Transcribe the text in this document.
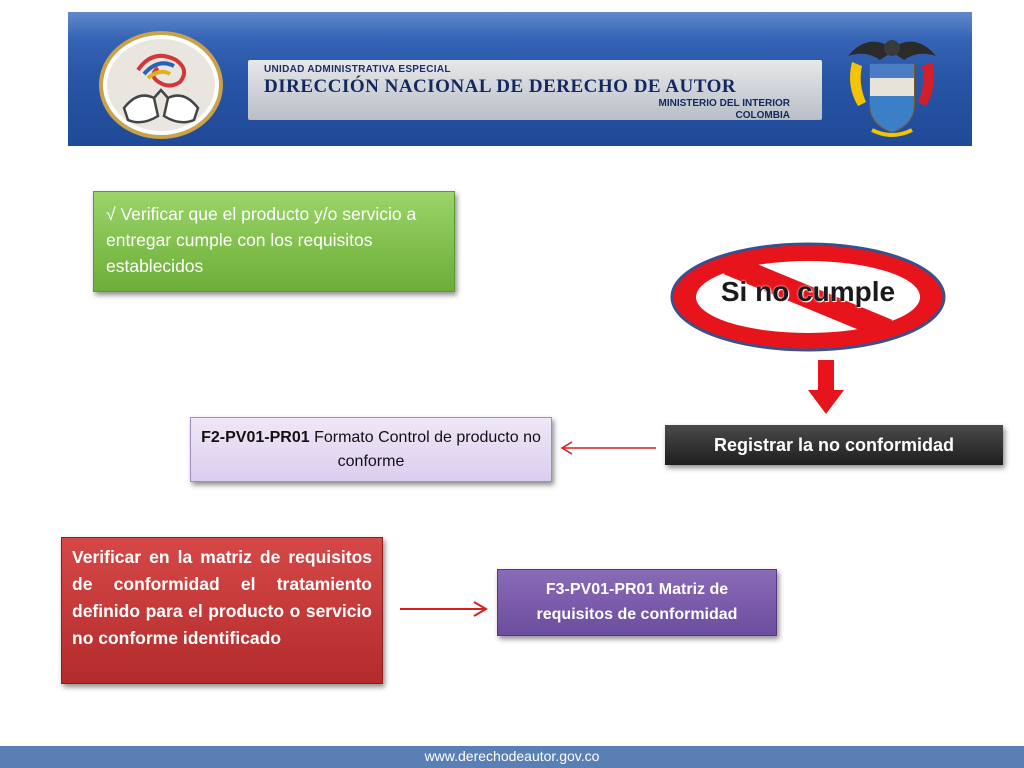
UNIDAD ADMINISTRATIVA ESPECIAL
DIRECCIÓN NACIONAL DE DERECHO DE AUTOR
MINISTERIO DEL INTERIOR
COLOMBIA
√ Verificar que el producto y/o servicio a entregar cumple con los requisitos establecidos
Si no cumple
Registrar la no conformidad
F2-PV01-PR01 Formato Control de producto no conforme
Verificar en la matriz de requisitos de conformidad el tratamiento definido para el producto o servicio no conforme identificado
F3-PV01-PR01 Matriz de requisitos de conformidad
www.derechodeautor.gov.co
